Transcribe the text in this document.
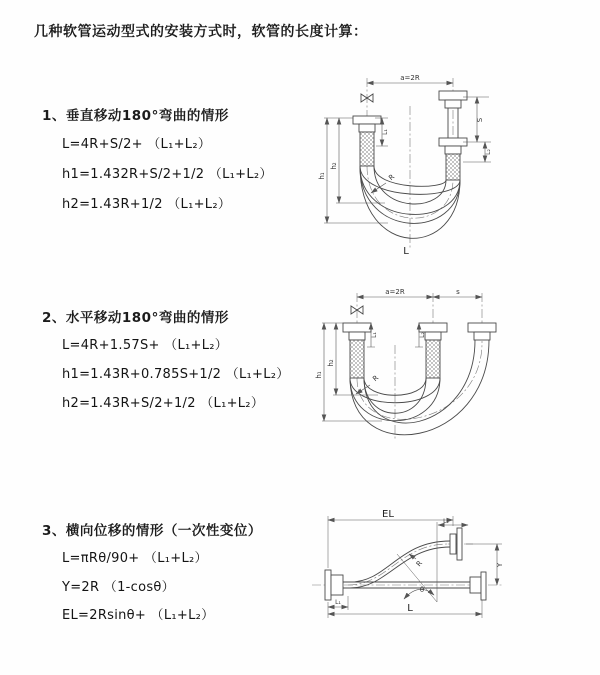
几种软管运动型式的安装方式时，软管的长度计算：
1、垂直移动180°弯曲的情形
L=4R+S/2+ （L₁+L₂）
h1=1.432R+S/2+1/2 （L₁+L₂）
h2=1.43R+1/2 （L₁+L₂）
2、水平移动180°弯曲的情形
L=4R+1.57S+ （L₁+L₂）
h1=1.43R+0.785S+1/2 （L₁+L₂）
h2=1.43R+S/2+1/2 （L₁+L₂）
3、横向位移的情形（一次性变位）
L=πRθ/90+ （L₁+L₂）
Y=2R （1-cosθ）
EL=2Rsinθ+ （L₁+L₂）
a=2R
S
L₂
L₁
h₁
h₂
R
L
a=2R	s
h₁
h₂
L₁	L₂
R
θ
R
EL
L₂
Y
L₁
L
